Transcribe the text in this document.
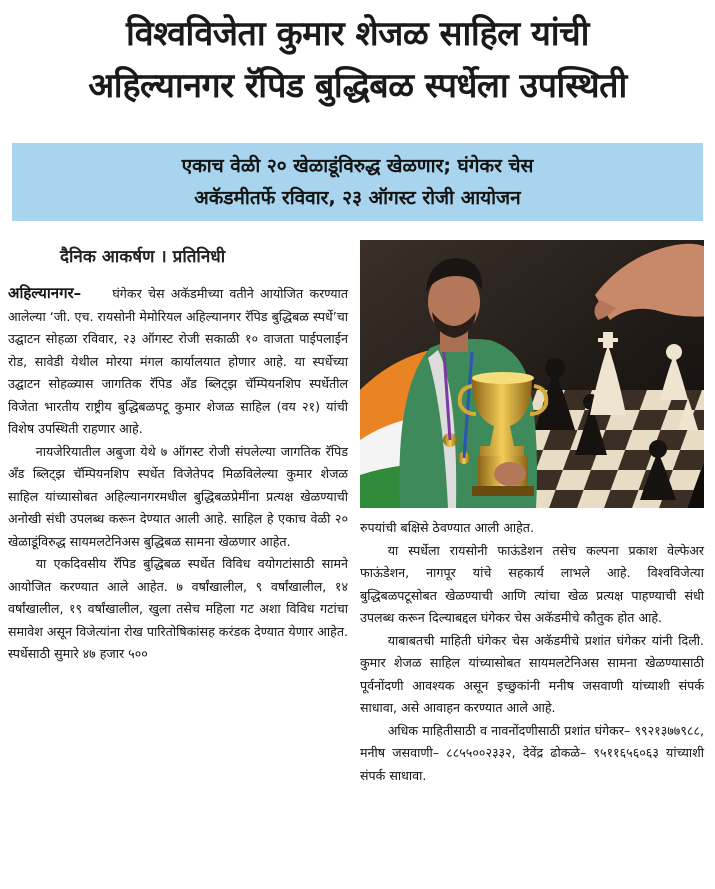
विश्वविजेता कुमार शेजळ साहिल यांची
अहिल्यानगर रॅपिड बुद्धिबळ स्पर्धेला उपस्थिती
एकाच वेळी २० खेळाडूंविरुद्ध खेळणार; घंगेकर चेस
अकॅडमीतर्फे रविवार, २३ ऑगस्ट रोजी आयोजन
दैनिक आकर्षण । प्रतिनिधी

अहिल्यानगर– घंगेकर चेस अकॅडमीच्या वतीने आयोजित करण्यात आलेल्या ‘जी. एच. रायसोनी मेमोरियल अहिल्यानगर रॅपिड बुद्धिबळ स्पर्धे’चा उद्घाटन सोहळा रविवार, २३ ऑगस्ट रोजी सकाळी १० वाजता पाईपलाईन रोड, सावेडी येथील मोरया मंगल कार्यालयात होणार आहे. या स्पर्धेच्या उद्घाटन सोहळ्यास जागतिक रॅपिड अँड ब्लिट्झ चॅम्पियनशिप स्पर्धेतील विजेता भारतीय राष्ट्रीय बुद्धिबळपटू कुमार शेजळ साहिल (वय २१) यांची विशेष उपस्थिती राहणार आहे.

नायजेरियातील अबुजा येथे ७ ऑगस्ट रोजी संपलेल्या जागतिक रॅपिड अँड ब्लिट्झ चॅम्पियनशिप स्पर्धेत विजेतेपद मिळविलेल्या कुमार शेजळ साहिल यांच्यासोबत अहिल्यानगरमधील बुद्धिबळप्रेमींना प्रत्यक्ष खेळण्याची अनोखी संधी उपलब्ध करून देण्यात आली आहे. साहिल हे एकाच वेळी २० खेळाडूंविरुद्ध सायमलटेनिअस बुद्धिबळ सामना खेळणार आहेत.

या एकदिवसीय रॅपिड बुद्धिबळ स्पर्धेत विविध वयोगटांसाठी सामने आयोजित करण्यात आले आहेत. ७ वर्षांखालील, ९ वर्षांखालील, १४ वर्षांखालील, १९ वर्षांखालील, खुला तसेच महिला गट अशा विविध गटांचा समावेश असून विजेत्यांना रोख पारितोषिकांसह करंडक देण्यात येणार आहेत. स्पर्धेसाठी सुमारे ४७ हजार ५००

रुपयांची बक्षिसे ठेवण्यात आली आहेत.

या स्पर्धेला रायसोनी फाऊंडेशन तसेच कल्पना प्रकाश वेल्फेअर फाऊंडेशन, नागपूर यांचे सहकार्य लाभले आहे. विश्वविजेत्या बुद्धिबळपटूसोबत खेळण्याची आणि त्यांचा खेळ प्रत्यक्ष पाहण्याची संधी उपलब्ध करून दिल्याबद्दल घंगेकर चेस अकॅडमीचे कौतुक होत आहे.

याबाबतची माहिती घंगेकर चेस अकॅडमीचे प्रशांत घंगेकर यांनी दिली. कुमार शेजळ साहिल यांच्यासोबत सायमलटेनिअस सामना खेळण्यासाठी पूर्वनोंदणी आवश्यक असून इच्छुकांनी मनीष जसवाणी यांच्याशी संपर्क साधावा, असे आवाहन करण्यात आले आहे.

अधिक माहितीसाठी व नावनोंदणीसाठी प्रशांत घंगेकर– ९९२१३७७९८८, मनीष जसवाणी– ८८५५००२३३२, देवेंद्र ढोकळे– ९५११६५६०६३ यांच्याशी संपर्क साधावा.
